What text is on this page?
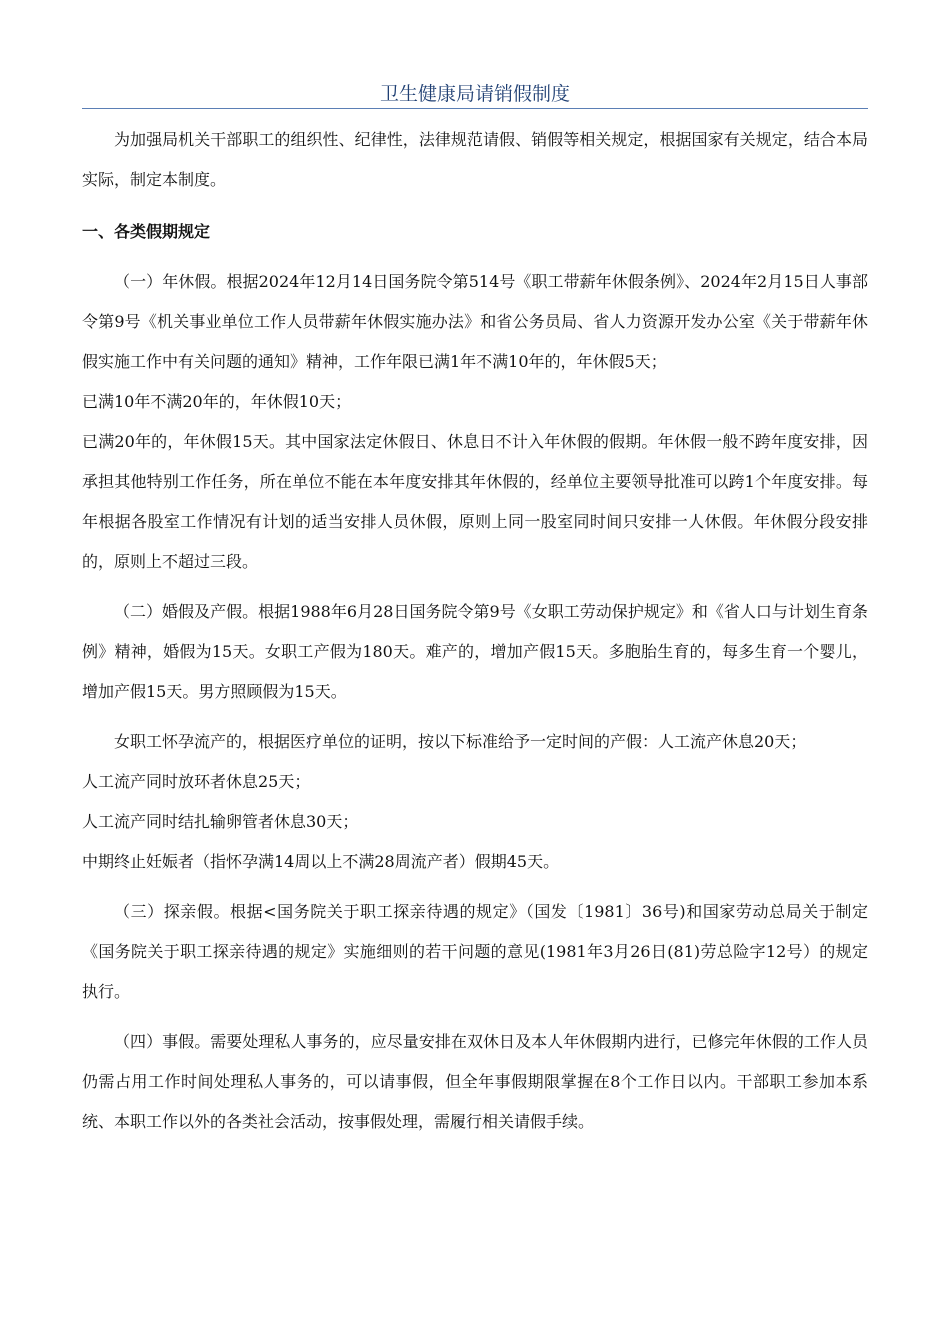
卫生健康局请销假制度

为加强局机关干部职工的组织性、纪律性，法律规范请假、销假等相关规定，根据国家有关规定，结合本局实际，制定本制度。

一、各类假期规定

（一）年休假。根据2024年12月14日国务院令第514号《职工带薪年休假条例》、2024年2月15日人事部令第9号《机关事业单位工作人员带薪年休假实施办法》和省公务员局、省人力资源开发办公室《关于带薪年休假实施工作中有关问题的通知》精神，工作年限已满1年不满10年的，年休假5天；

已满10年不满20年的，年休假10天；

已满20年的，年休假15天。其中国家法定休假日、休息日不计入年休假的假期。年休假一般不跨年度安排，因承担其他特别工作任务，所在单位不能在本年度安排其年休假的，经单位主要领导批准可以跨1个年度安排。每年根据各股室工作情况有计划的适当安排人员休假，原则上同一股室同时间只安排一人休假。年休假分段安排的，原则上不超过三段。

（二）婚假及产假。根据1988年6月28日国务院令第9号《女职工劳动保护规定》和《省人口与计划生育条例》精神，婚假为15天。女职工产假为180天。难产的，增加产假15天。多胞胎生育的，每多生育一个婴儿，增加产假15天。男方照顾假为15天。

女职工怀孕流产的，根据医疗单位的证明，按以下标准给予一定时间的产假：人工流产休息20天；

人工流产同时放环者休息25天；

人工流产同时结扎输卵管者休息30天；

中期终止妊娠者（指怀孕满14周以上不满28周流产者）假期45天。

（三）探亲假。根据<国务院关于职工探亲待遇的规定》（国发〔1981〕36号)和国家劳动总局关于制定《国务院关于职工探亲待遇的规定》实施细则的若干问题的意见(1981年3月26日(81)劳总险字12号）的规定执行。

（四）事假。需要处理私人事务的，应尽量安排在双休日及本人年休假期内进行，已修完年休假的工作人员仍需占用工作时间处理私人事务的，可以请事假，但全年事假期限掌握在8个工作日以内。干部职工参加本系统、本职工作以外的各类社会活动，按事假处理，需履行相关请假手续。
